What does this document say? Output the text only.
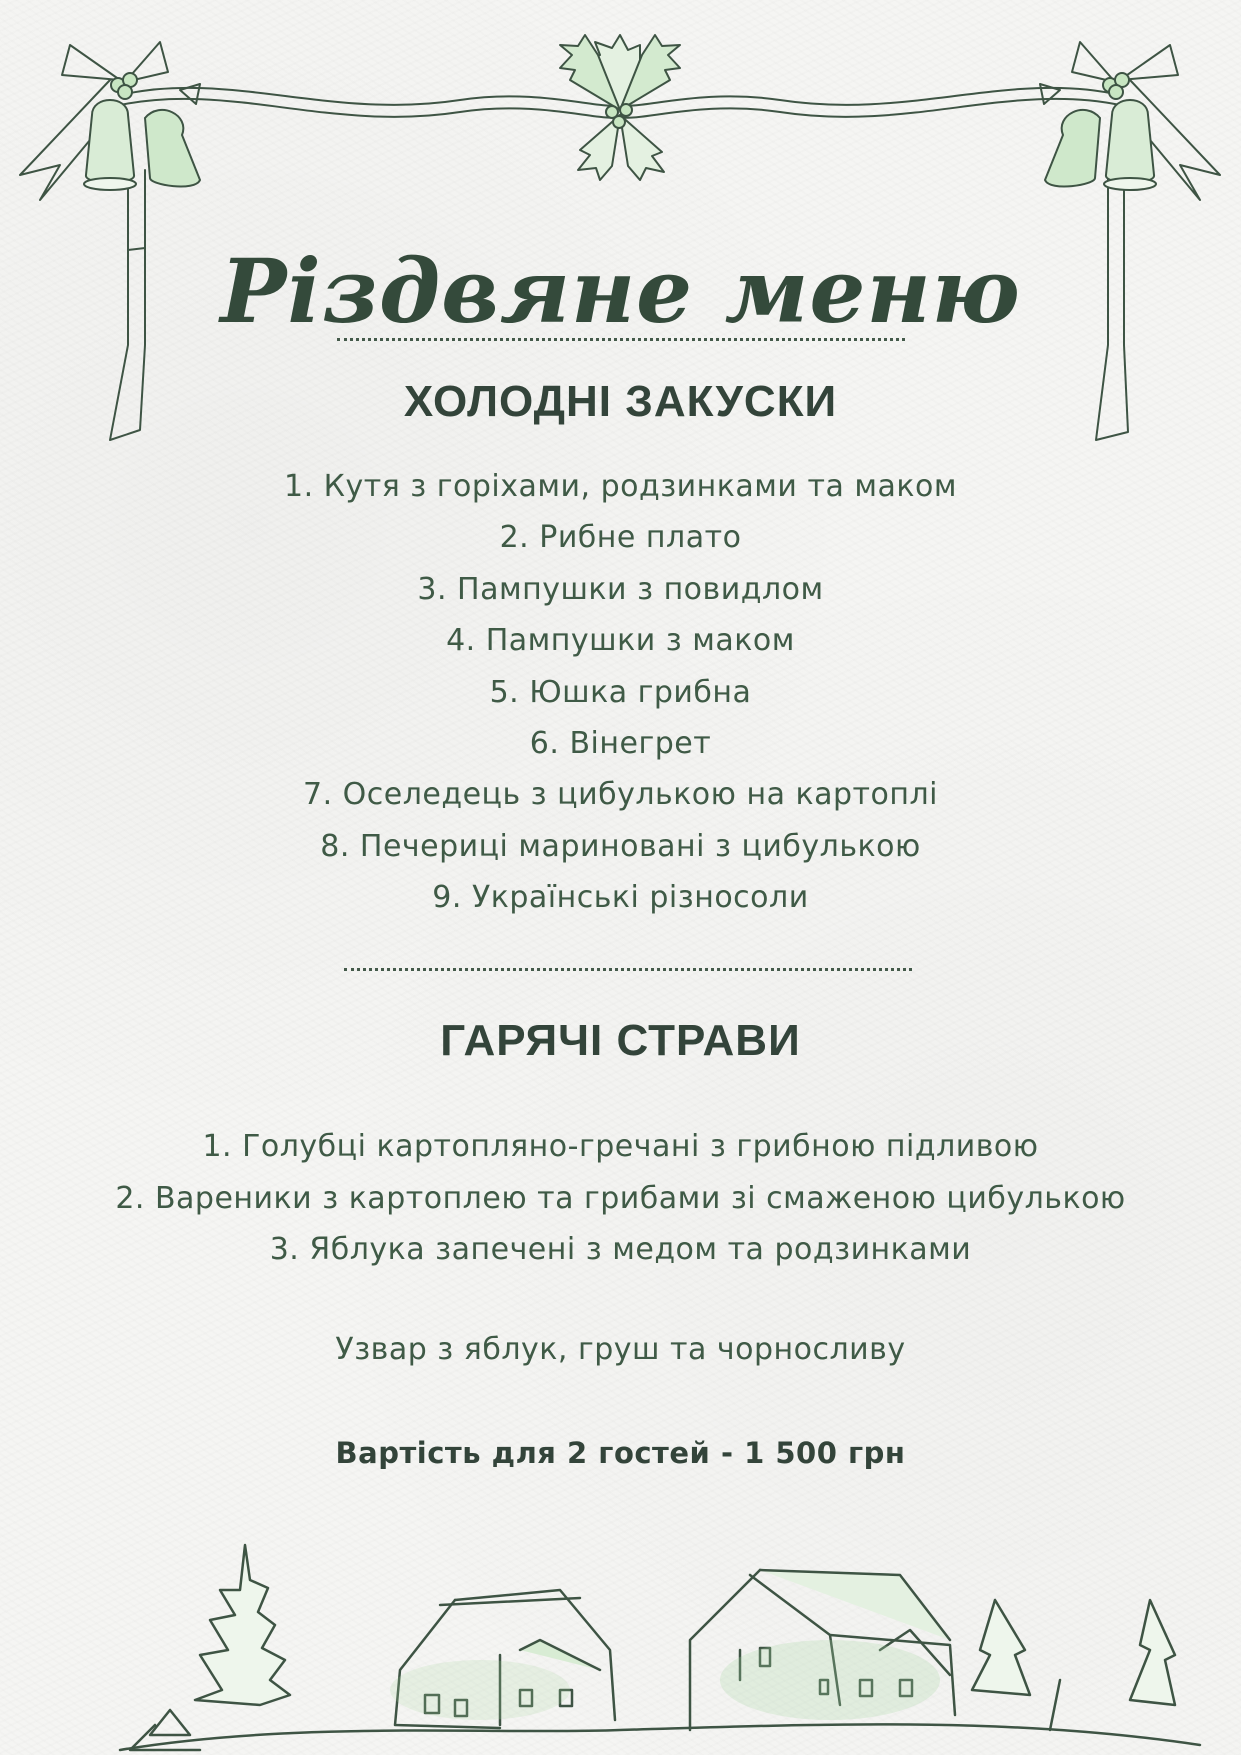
Різдвяне меню
ХОЛОДНІ ЗАКУСКИ
1. Кутя з горіхами, родзинками та маком
2. Рибне плато
3. Пампушки з повидлом
4. Пампушки з маком
5. Юшка грибна
6. Вінегрет
7. Оселедець з цибулькою на картоплі
8. Печериці мариновані з цибулькою
9. Українські різносоли
ГАРЯЧІ СТРАВИ
1. Голубці картопляно-гречані з грибною підливою
2. Вареники з картоплею та грибами зі смаженою цибулькою
3. Яблука запечені з медом та родзинками
Узвар з яблук, груш та чорносливу
Вартість для 2 гостей - 1 500 грн
